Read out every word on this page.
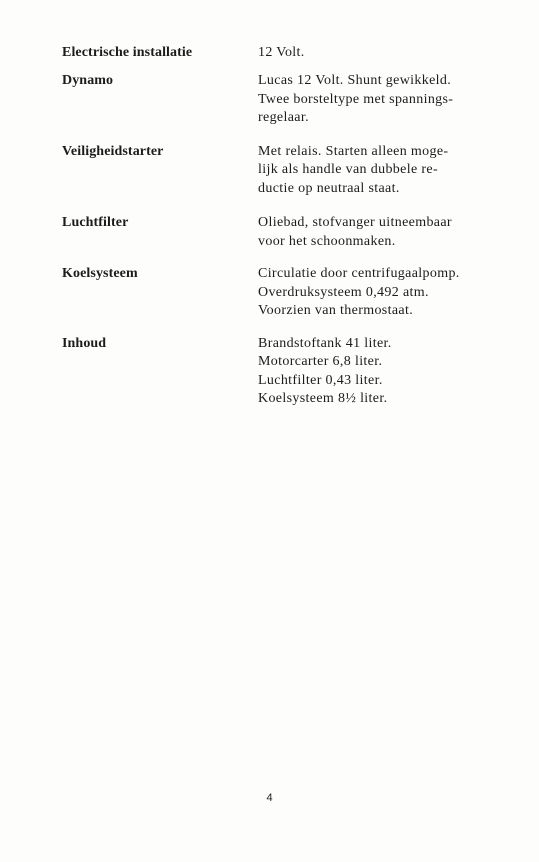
Electrische installatie	12 Volt.
Dynamo	Lucas 12 Volt. Shunt gewikkeld.
Twee borsteltype met spannings-
regelaar.
Veiligheidstarter	Met relais. Starten alleen moge-
lijk als handle van dubbele re-
ductie op neutraal staat.
Luchtfilter	Oliebad, stofvanger uitneembaar
voor het schoonmaken.
Koelsysteem	Circulatie door centrifugaalpomp.
Overdruksysteem 0,492 atm.
Voorzien van thermostaat.
Inhoud	Brandstoftank 41 liter.
Motorcarter 6,8 liter.
Luchtfilter 0,43 liter.
Koelsysteem 8½ liter.
4
